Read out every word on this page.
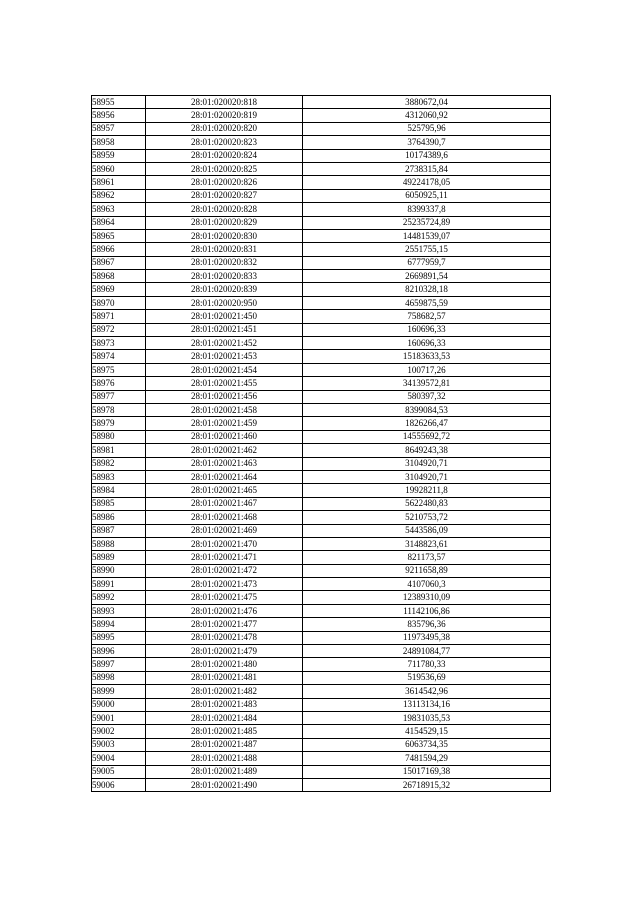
58955	28:01:020020:818	3880672,04
58956	28:01:020020:819	4312060,92
58957	28:01:020020:820	525795,96
58958	28:01:020020:823	3764390,7
58959	28:01:020020:824	10174389,6
58960	28:01:020020:825	2738315,84
58961	28:01:020020:826	49224178,05
58962	28:01:020020:827	6050925,11
58963	28:01:020020:828	8399337,8
58964	28:01:020020:829	25235724,89
58965	28:01:020020:830	14481539,07
58966	28:01:020020:831	2551755,15
58967	28:01:020020:832	6777959,7
58968	28:01:020020:833	2669891,54
58969	28:01:020020:839	8210328,18
58970	28:01:020020:950	4659875,59
58971	28:01:020021:450	758682,57
58972	28:01:020021:451	160696,33
58973	28:01:020021:452	160696,33
58974	28:01:020021:453	15183633,53
58975	28:01:020021:454	100717,26
58976	28:01:020021:455	34139572,81
58977	28:01:020021:456	580397,32
58978	28:01:020021:458	8399084,53
58979	28:01:020021:459	1826266,47
58980	28:01:020021:460	14555692,72
58981	28:01:020021:462	8649243,38
58982	28:01:020021:463	3104920,71
58983	28:01:020021:464	3104920,71
58984	28:01:020021:465	19928211,8
58985	28:01:020021:467	5622480,83
58986	28:01:020021:468	5210753,72
58987	28:01:020021:469	5443586,09
58988	28:01:020021:470	3148823,61
58989	28:01:020021:471	821173,57
58990	28:01:020021:472	9211658,89
58991	28:01:020021:473	4107060,3
58992	28:01:020021:475	12389310,09
58993	28:01:020021:476	11142106,86
58994	28:01:020021:477	835796,36
58995	28:01:020021:478	11973495,38
58996	28:01:020021:479	24891084,77
58997	28:01:020021:480	711780,33
58998	28:01:020021:481	519536,69
58999	28:01:020021:482	3614542,96
59000	28:01:020021:483	13113134,16
59001	28:01:020021:484	19831035,53
59002	28:01:020021:485	4154529,15
59003	28:01:020021:487	6063734,35
59004	28:01:020021:488	7481594,29
59005	28:01:020021:489	15017169,38
59006	28:01:020021:490	26718915,32
